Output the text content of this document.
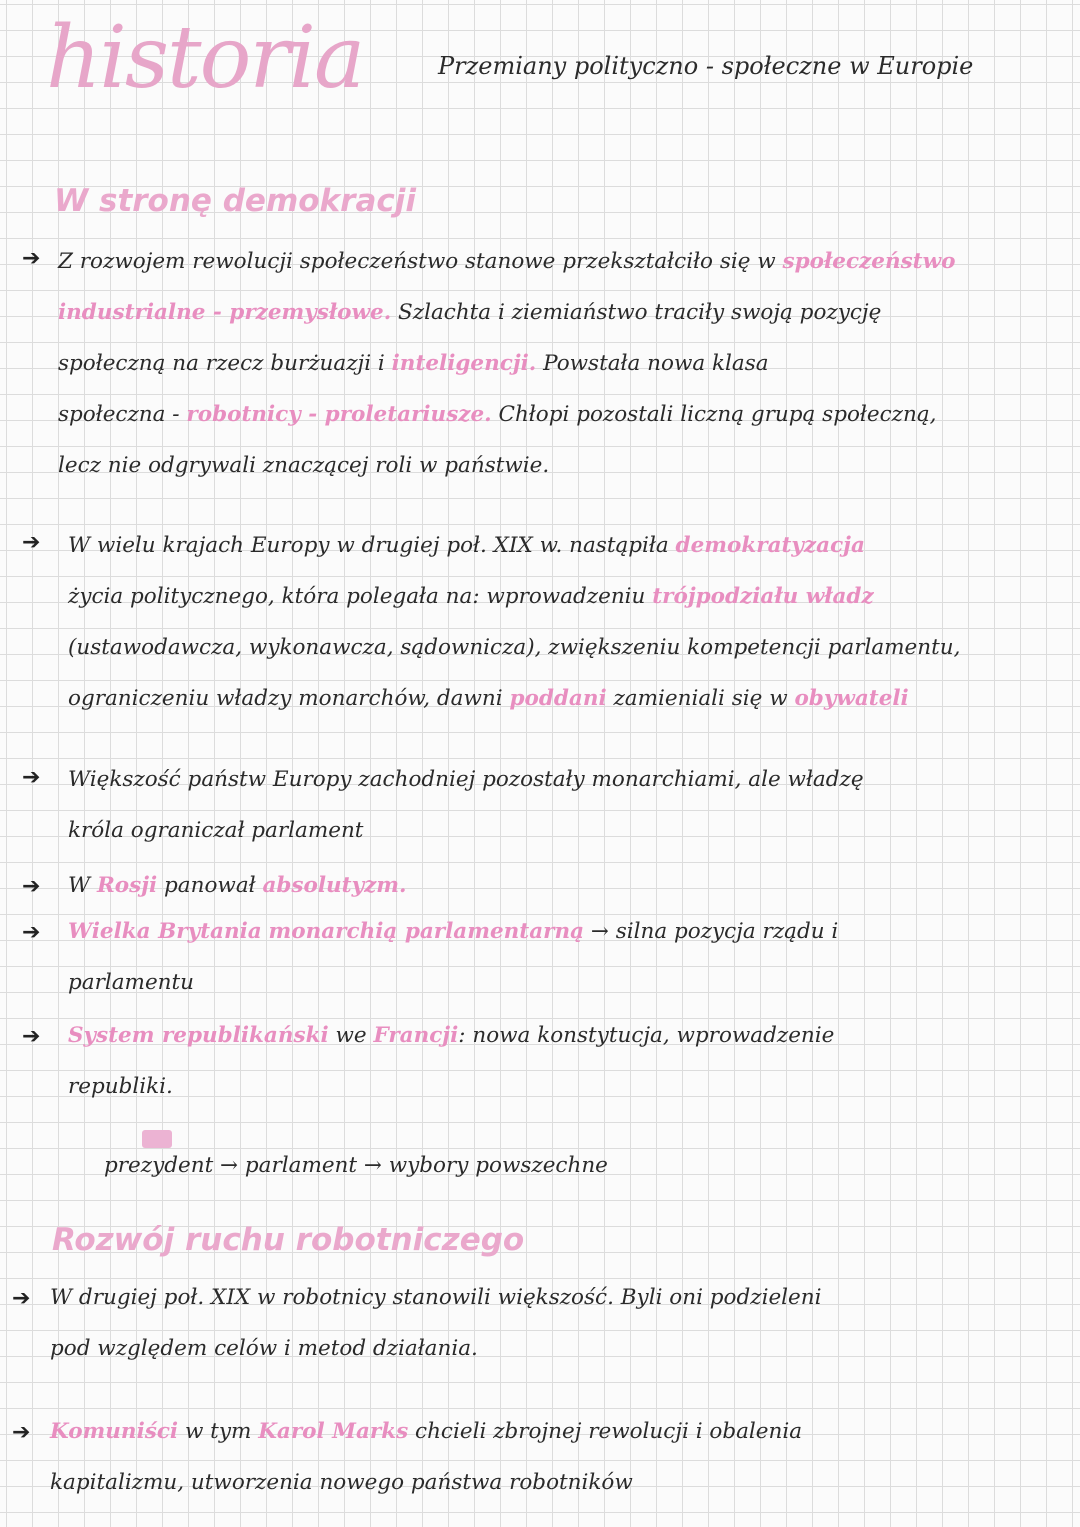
historia	Przemiany polityczno - społeczne w Europie
W stronę demokracji
➔ Z rozwojem rewolucji społeczeństwo stanowe przekształciło się w społeczeństwo
industrialne - przemysłowe. Szlachta i ziemiaństwo traciły swoją pozycję
społeczną na rzecz burżuazji i inteligencji. Powstała nowa klasa
społeczna - robotnicy - proletariusze. Chłopi pozostali liczną grupą społeczną,
lecz nie odgrywali znaczącej roli w państwie.
➔ W wielu krajach Europy w drugiej poł. XIX w. nastąpiła demokratyzacja
życia politycznego, która polegała na: wprowadzeniu trójpodziału władz
(ustawodawcza, wykonawcza, sądownicza), zwiększeniu kompetencji parlamentu,
ograniczeniu władzy monarchów, dawni poddani zamieniali się w obywateli
➔ Większość państw Europy zachodniej pozostały monarchiami, ale władzę
króla ograniczał parlament
➔ W Rosji panował absolutyzm.
➔ Wielka Brytania monarchią parlamentarną → silna pozycja rządu i
parlamentu
➔ System republikański we Francji: nowa konstytucja, wprowadzenie
republiki.
prezydent → parlament → wybory powszechne
Rozwój ruchu robotniczego
➔ W drugiej poł. XIX w robotnicy stanowili większość. Byli oni podzieleni
pod względem celów i metod działania.
➔ Komuniści w tym Karol Marks chcieli zbrojnej rewolucji i obalenia
kapitalizmu, utworzenia nowego państwa robotników
